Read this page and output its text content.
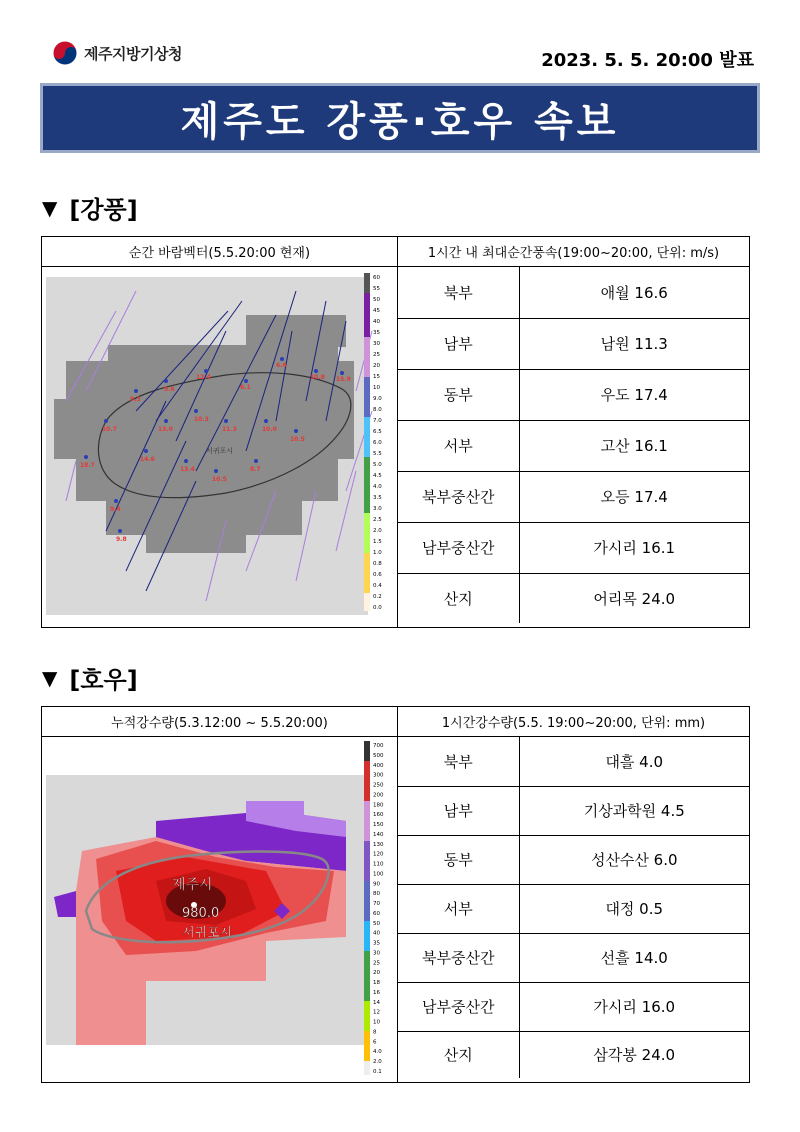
제주지방기상청	2023. 5. 5. 20:00 발표
제주도 강풍·호우 속보
▼ [강풍]
순간 바람벡터(5.5.20:00 현재)
18.7
10.7
9.3
9.6
12.4
6.1
6.6
10.8 15.9
13.0
10.3
11.3	10.0
10.5
14.6
13.4
10.5
8.7
9.4
9.8
서귀포시
60
55
50
45
40
35
30
25
20
15
10
9.0
8.0
7.0
6.5
6.0
5.5
5.0
4.5
4.0
3.5
3.0
2.5
2.0
1.5
1.0
0.8
0.6
0.4
0.2
0.0
1시간 내 최대순간풍속(19:00~20:00, 단위: m/s)
북부	애월 16.6
남부	남원 11.3
동부	우도 17.4
서부	고산 16.1
북부중산간	오등 17.4
남부중산간	가시리 16.1
산지	어리목 24.0
▼ [호우]
누적강수량(5.3.12:00 ~ 5.5.20:00)
제주시
980.0
서귀포시
700
500
400
300
250
200
180
160
150
140
130
120
110
100
90
80
70
60
50
40
35
30
25
20
18
16
14
12
10
8
6
4.0
2.0
0.1
1시간강수량(5.5. 19:00~20:00, 단위: mm)
북부	대흘 4.0
남부	기상과학원 4.5
동부	성산수산 6.0
서부	대정 0.5
북부중산간	선흘 14.0
남부중산간	가시리 16.0
산지	삼각봉 24.0
